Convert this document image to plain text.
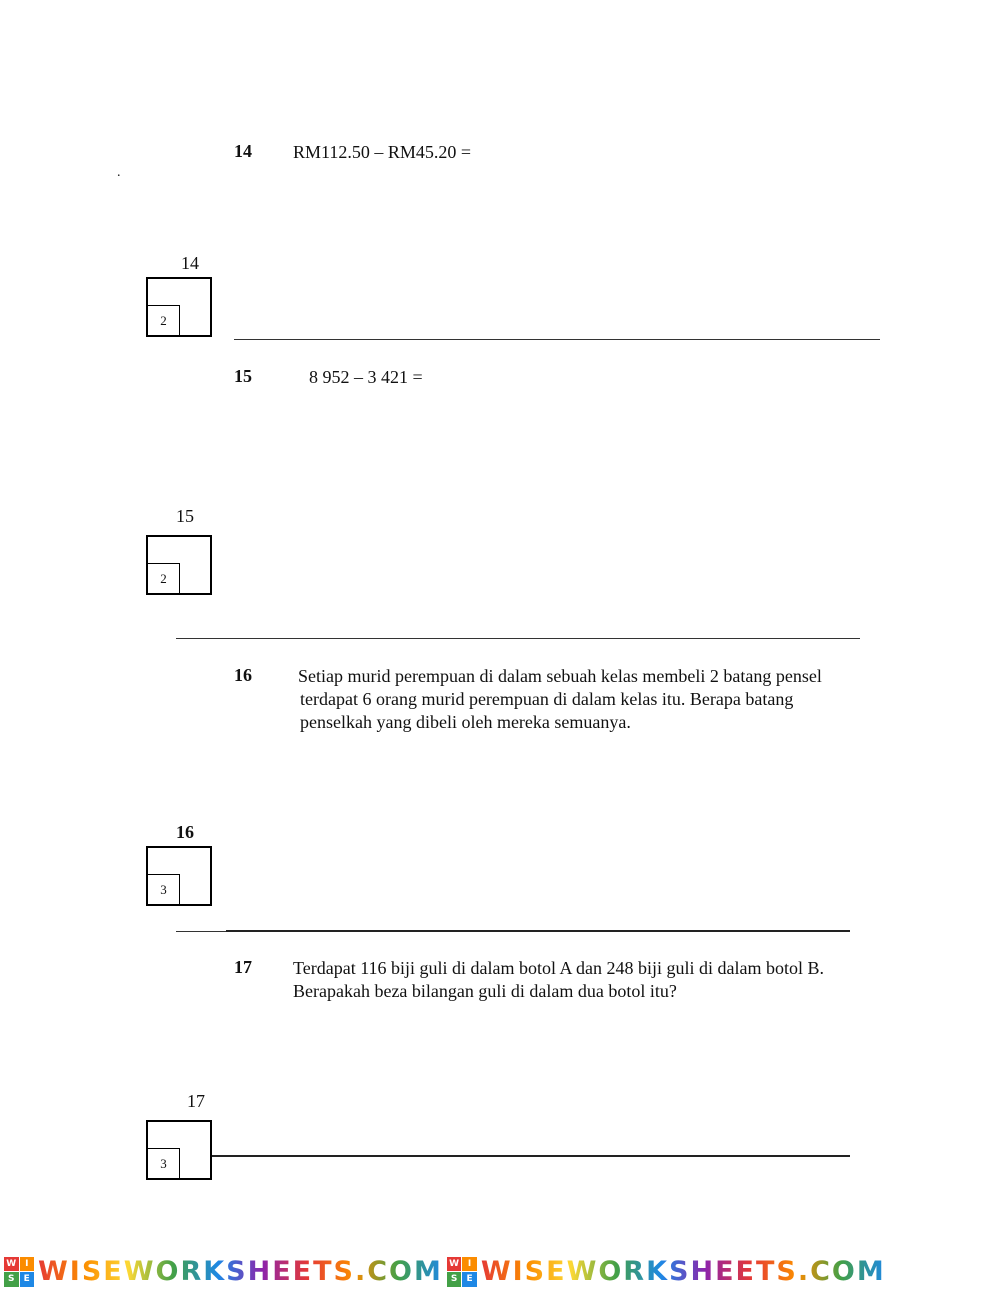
.
14 RM112.50 – RM45.20 =
14
2
15	8 952 – 3 421 =
15
2
16	Setiap murid perempuan di dalam sebuah kelas membeli 2 batang pensel
terdapat 6 orang murid perempuan di dalam kelas itu. Berapa batang
penselkah yang dibeli oleh mereka semuanya.
16
3
17 Terdapat 116 biji guli di dalam botol A dan 248 biji guli di dalam botol B.
Berapakah beza bilangan guli di dalam dua botol itu?
17
3
W I
S	E WISEWORKSHEETS.COM W I
S	E WISEWORKSHEETS.COM
